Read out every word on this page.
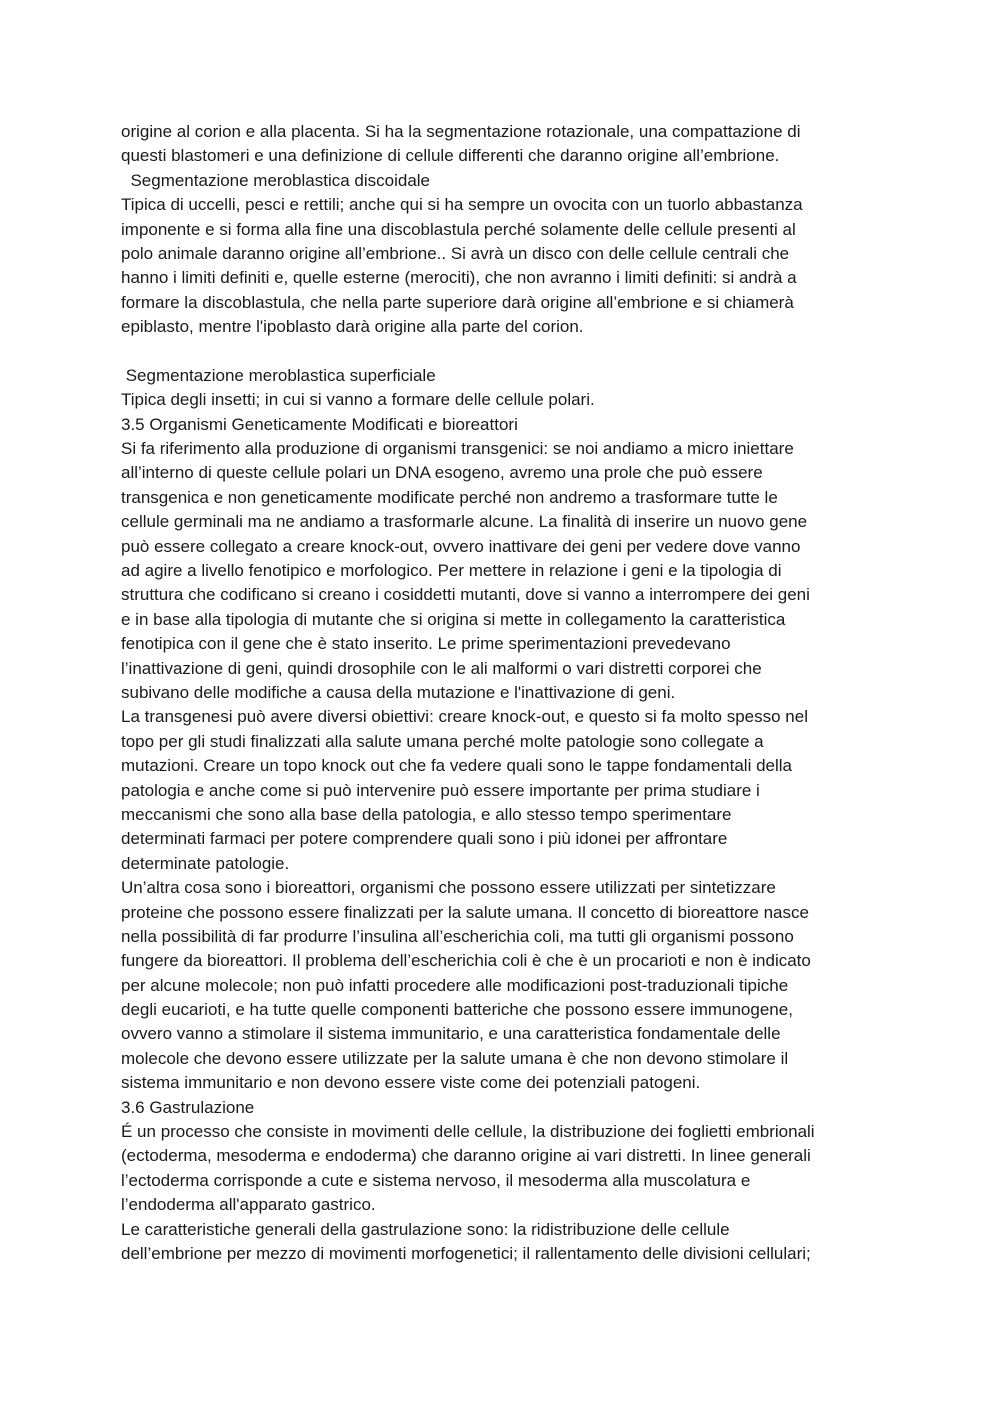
origine al corion e alla placenta. Si ha la segmentazione rotazionale, una compattazione di
questi blastomeri e una definizione di cellule differenti che daranno origine all’embrione.
Segmentazione meroblastica discoidale
Tipica di uccelli, pesci e rettili; anche qui si ha sempre un ovocita con un tuorlo abbastanza
imponente e si forma alla fine una discoblastula perché solamente delle cellule presenti al
polo animale daranno origine all’embrione.. Si avrà un disco con delle cellule centrali che
hanno i limiti definiti e, quelle esterne (merociti), che non avranno i limiti definiti: si andrà a
formare la discoblastula, che nella parte superiore darà origine all’embrione e si chiamerà
epiblasto, mentre l'ipoblasto darà origine alla parte del corion.
Segmentazione meroblastica superficiale
Tipica degli insetti; in cui si vanno a formare delle cellule polari.
3.5 Organismi Geneticamente Modificati e bioreattori
Si fa riferimento alla produzione di organismi transgenici: se noi andiamo a micro iniettare
all’interno di queste cellule polari un DNA esogeno, avremo una prole che può essere
transgenica e non geneticamente modificate perché non andremo a trasformare tutte le
cellule germinali ma ne andiamo a trasformarle alcune. La finalità di inserire un nuovo gene
può essere collegato a creare knock-out, ovvero inattivare dei geni per vedere dove vanno
ad agire a livello fenotipico e morfologico. Per mettere in relazione i geni e la tipologia di
struttura che codificano si creano i cosiddetti mutanti, dove si vanno a interrompere dei geni
e in base alla tipologia di mutante che si origina si mette in collegamento la caratteristica
fenotipica con il gene che è stato inserito. Le prime sperimentazioni prevedevano
l’inattivazione di geni, quindi drosophile con le ali malformi o vari distretti corporei che
subivano delle modifiche a causa della mutazione e l'inattivazione di geni.
La transgenesi può avere diversi obiettivi: creare knock-out, e questo si fa molto spesso nel
topo per gli studi finalizzati alla salute umana perché molte patologie sono collegate a
mutazioni. Creare un topo knock out che fa vedere quali sono le tappe fondamentali della
patologia e anche come si può intervenire può essere importante per prima studiare i
meccanismi che sono alla base della patologia, e allo stesso tempo sperimentare
determinati farmaci per potere comprendere quali sono i più idonei per affrontare
determinate patologie.
Un’altra cosa sono i bioreattori, organismi che possono essere utilizzati per sintetizzare
proteine che possono essere finalizzati per la salute umana. Il concetto di bioreattore nasce
nella possibilità di far produrre l’insulina all’escherichia coli, ma tutti gli organismi possono
fungere da bioreattori. Il problema dell’escherichia coli è che è un procarioti e non è indicato
per alcune molecole; non può infatti procedere alle modificazioni post-traduzionali tipiche
degli eucarioti, e ha tutte quelle componenti batteriche che possono essere immunogene,
ovvero vanno a stimolare il sistema immunitario, e una caratteristica fondamentale delle
molecole che devono essere utilizzate per la salute umana è che non devono stimolare il
sistema immunitario e non devono essere viste come dei potenziali patogeni.
3.6 Gastrulazione
É un processo che consiste in movimenti delle cellule, la distribuzione dei foglietti embrionali
(ectoderma, mesoderma e endoderma) che daranno origine ai vari distretti. In linee generali
l’ectoderma corrisponde a cute e sistema nervoso, il mesoderma alla muscolatura e
l’endoderma all'apparato gastrico.
Le caratteristiche generali della gastrulazione sono: la ridistribuzione delle cellule
dell’embrione per mezzo di movimenti morfogenetici; il rallentamento delle divisioni cellulari;
